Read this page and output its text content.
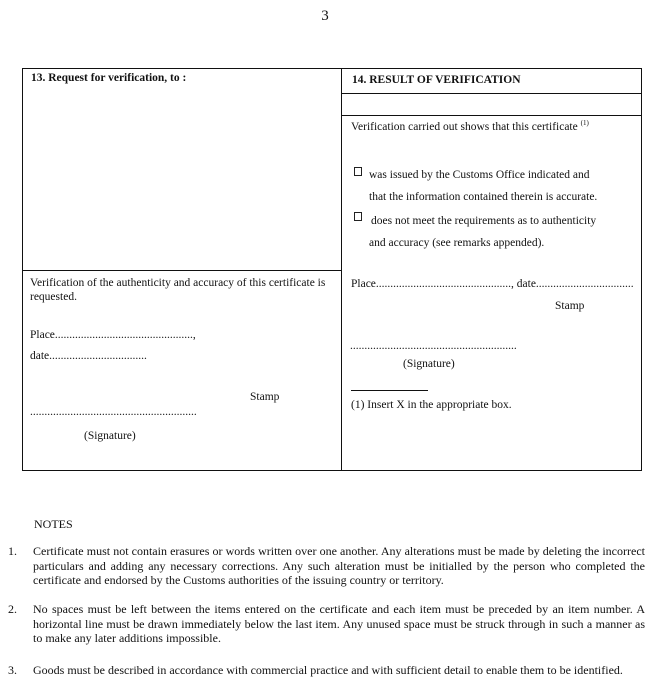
3
13. Request for verification, to :
Verification of the authenticity and accuracy of this certificate is requested.
Place................................................,
date..................................
Stamp
..........................................................
(Signature)
14. RESULT OF VERIFICATION
Verification carried out shows that this certificate $^{(1)}$
was issued by the Customs Office indicated and
that the information contained therein is accurate.
does not meet the requirements as to authenticity
and accuracy (see remarks appended).
Place..............................................., date..................................
Stamp
..........................................................
(Signature)
(1) Insert X in the appropriate box.
NOTES
1. Certificate must not contain erasures or words written over one another. Any alterations must be made by deleting the incorrect particulars and adding any necessary corrections. Any such alteration must be initialled by the person who completed the certificate and endorsed by the Customs authorities of the issuing country or territory.
2. No spaces must be left between the items entered on the certificate and each item must be preceded by an item number. A horizontal line must be drawn immediately below the last item. Any unused space must be struck through in such a manner as to make any later additions impossible.
3. Goods must be described in accordance with commercial practice and with sufficient detail to enable them to be identified.
